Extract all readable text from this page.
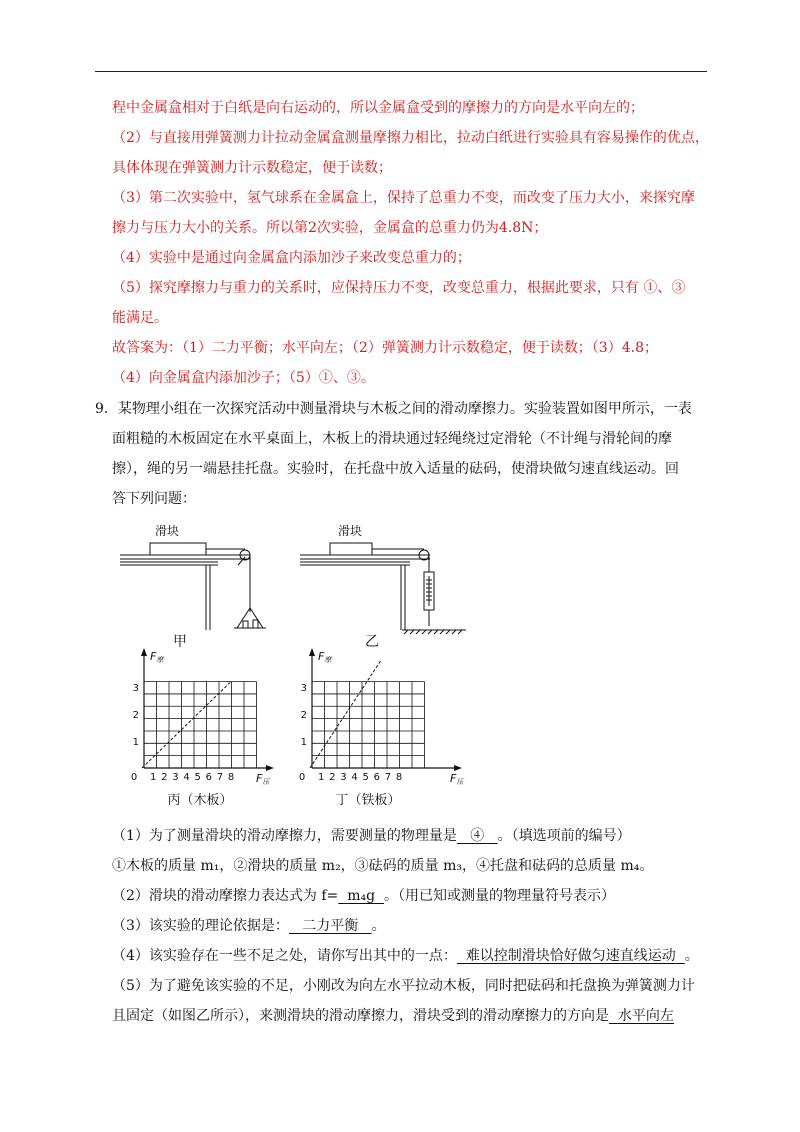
程中金属盒相对于白纸是向右运动的，所以金属盒受到的摩擦力的方向是水平向左的；
（2）与直接用弹簧测力计拉动金属盒测量摩擦力相比，拉动白纸进行实验具有容易操作的优点，
具体体现在弹簧测力计示数稳定，便于读数；
（3）第二次实验中，氢气球系在金属盒上，保持了总重力不变，而改变了压力大小，来探究摩
擦力与压力大小的关系。所以第2次实验，金属盒的总重力仍为4.8N；
（4）实验中是通过向金属盒内添加沙子来改变总重力的；
（5）探究摩擦力与重力的关系时，应保持压力不变，改变总重力，根据此要求，只有 ①、③
能满足。
故答案为：（1）二力平衡；水平向左；（2）弹簧测力计示数稳定，便于读数；（3）4.8；
（4）向金属盒内添加沙子；（5）①、③。
9．某物理小组在一次探究活动中测量滑块与木板之间的滑动摩擦力。实验装置如图甲所示，一表
面粗糙的木板固定在水平桌面上，木板上的滑块通过轻绳绕过定滑轮（不计绳与滑轮间的摩
擦），绳的另一端悬挂托盘。实验时，在托盘中放入适量的砝码，使滑块做匀速直线运动。回
答下列问题：
滑块
甲
滑块
乙
1
2
3
0 1 2 3 4 5 6 7 8
F摩
F压
丙（木板）
1
2
3
0 1 2 3 4 5 6 7 8
F摩
F压
丁（铁板）
（1）为了测量滑块的滑动摩擦力，需要测量的物理量是 ④ 。（填选项前的编号）
①木板的质量 m₁，②滑块的质量 m₂，③砝码的质量 m₃，④托盘和砝码的总质量 m₄。
（2）滑块的滑动摩擦力表达式为 f= m₄g 。（用已知或测量的物理量符号表示）
（3）该实验的理论依据是： 二力平衡 。
（4）该实验存在一些不足之处，请你写出其中的一点： 难以控制滑块恰好做匀速直线运动 。
（5）为了避免该实验的不足，小刚改为向左水平拉动木板，同时把砝码和托盘换为弹簧测力计
且固定（如图乙所示），来测滑块的滑动摩擦力，滑块受到的滑动摩擦力的方向是 水平向左
